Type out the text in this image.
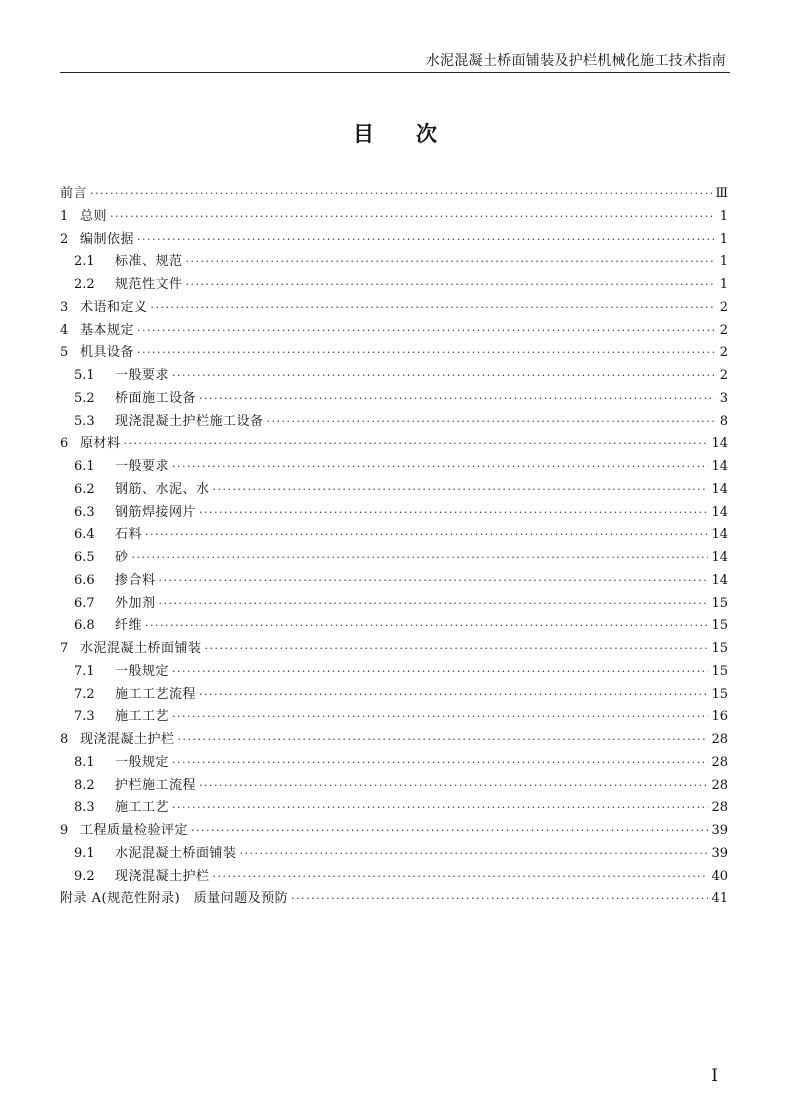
水泥混凝土桥面铺装及护栏机械化施工技术指南
目次
前言 ·····	Ⅲ
1 总则 ·····	1
2 编制依据 ·····	1
2.1	标准、规范 ·····	1
2.2	规范性文件 ·····	1
3 术语和定义 ·····	2
4 基本规定 ·····	2
5 机具设备 ·····	2
5.1	一般要求 ·····	2
5.2	桥面施工设备 ·····	3
5.3	现浇混凝土护栏施工设备 ·····	8
6 原材料 ·····	14
6.1	一般要求 ·····	14
6.2	钢筋、水泥、水 ·····	14
6.3	钢筋焊接网片 ·····	14
6.4	石料 ·····	14
6.5	砂 ·····	14
6.6	掺合料 ·····	14
6.7	外加剂 ·····	15
6.8	纤维 ·····	15
7 水泥混凝土桥面铺装 ·····	15
7.1	一般规定 ·····	15
7.2	施工工艺流程 ·····	15
7.3	施工工艺 ·····	16
8 现浇混凝土护栏 ·····	28
8.1	一般规定 ·····	28
8.2	护栏施工流程 ·····	28
8.3	施工工艺 ·····	28
9 工程质量检验评定 ·····	39
9.1	水泥混凝土桥面铺装 ·····	39
9.2	现浇混凝土护栏 ·····	40
附录 A(规范性附录)　质量问题及预防 ·····	41
I
